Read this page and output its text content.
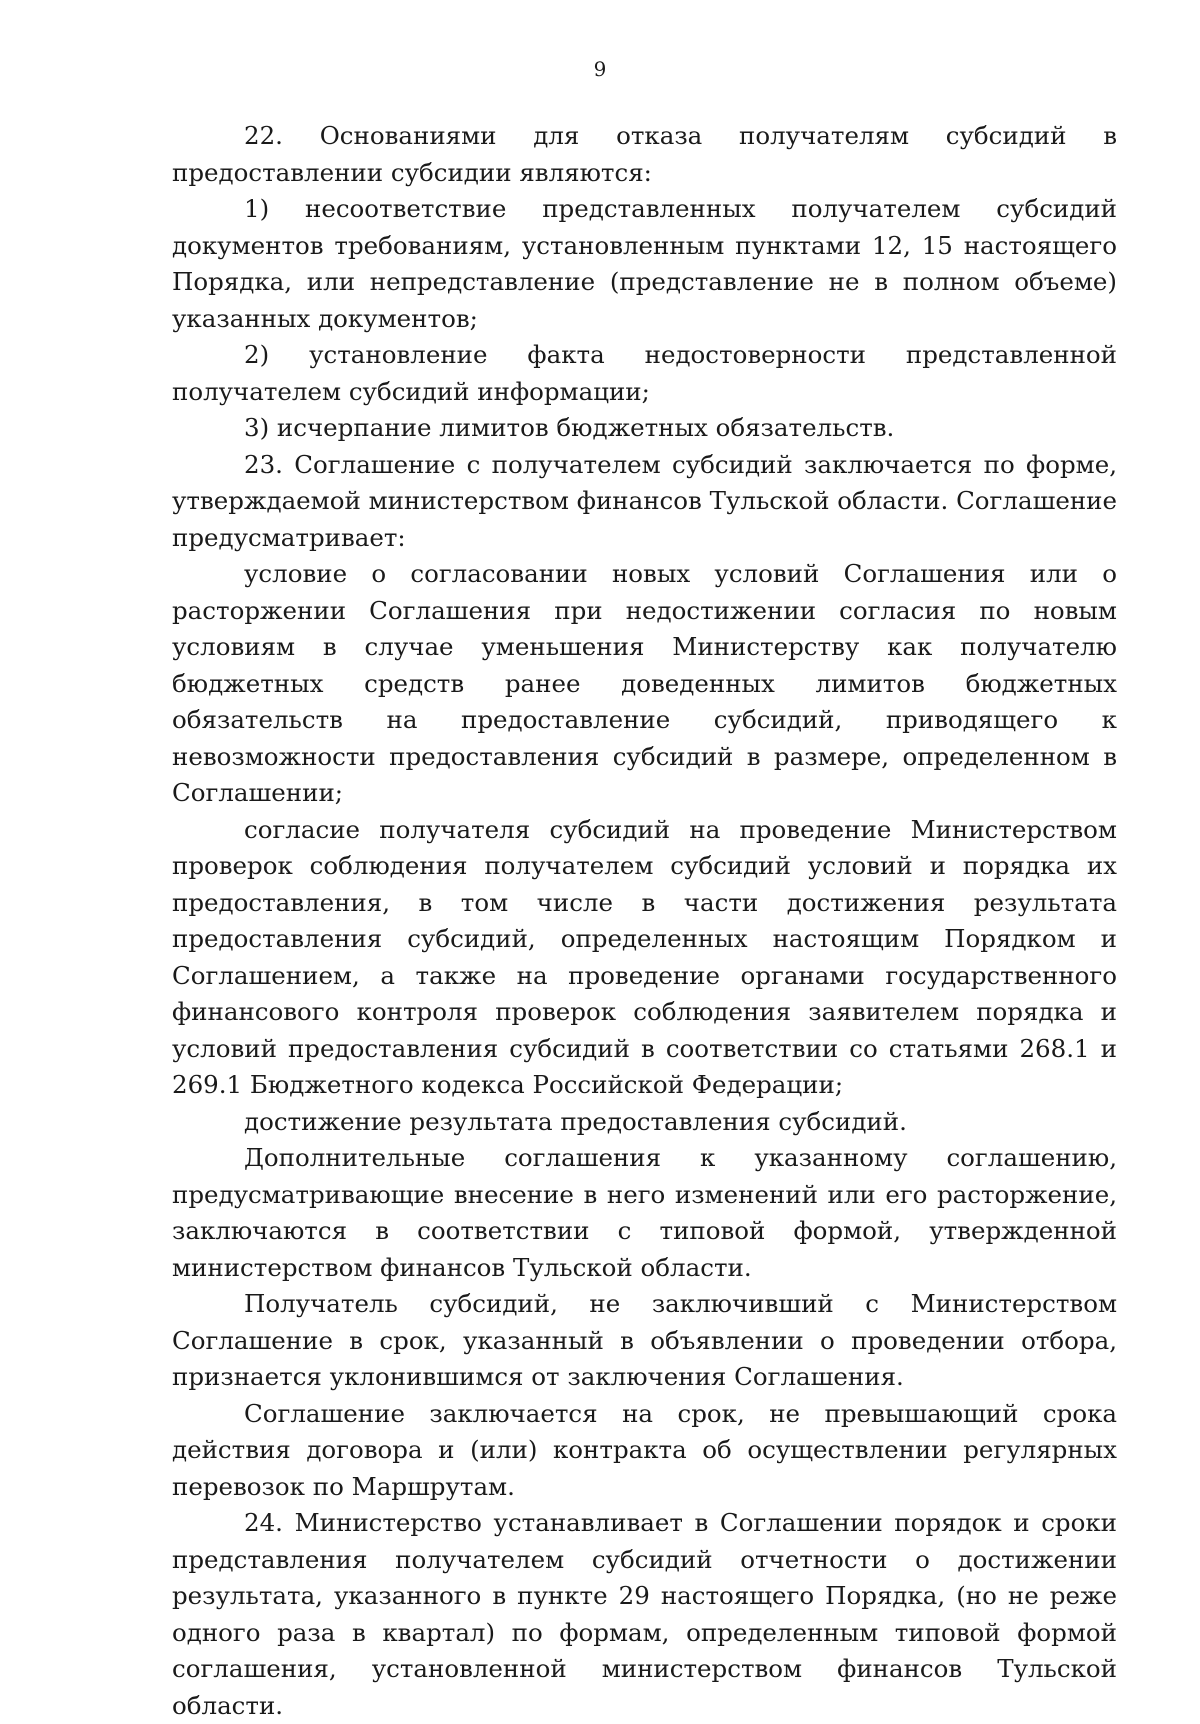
9

22. Основаниями для отказа получателям субсидий в предоставлении субсидии являются:

1) несоответствие представленных получателем субсидий документов требованиям, установленным пунктами 12, 15 настоящего Порядка, или непредставление (представление не в полном объеме) указанных документов;

2) установление факта недостоверности представленной получателем субсидий информации;

3) исчерпание лимитов бюджетных обязательств.

23. Соглашение с получателем субсидий заключается по форме, утверждаемой министерством финансов Тульской области. Соглашение предусматривает:

условие о согласовании новых условий Соглашения или о расторжении Соглашения при недостижении согласия по новым условиям в случае уменьшения Министерству как получателю бюджетных средств ранее доведенных лимитов бюджетных обязательств на предоставление субсидий, приводящего к невозможности предоставления субсидий в размере, определенном в Соглашении;

согласие получателя субсидий на проведение Министерством проверок соблюдения получателем субсидий условий и порядка их предоставления, в том числе в части достижения результата предоставления субсидий, определенных настоящим Порядком и Соглашением, а также на проведение органами государственного финансового контроля проверок соблюдения заявителем порядка и условий предоставления субсидий в соответствии со статьями 268.1 и 269.1 Бюджетного кодекса Российской Федерации;

достижение результата предоставления субсидий.

Дополнительные соглашения к указанному соглашению, предусматривающие внесение в него изменений или его расторжение, заключаются в соответствии с типовой формой, утвержденной министерством финансов Тульской области.

Получатель субсидий, не заключивший с Министерством Соглашение в срок, указанный в объявлении о проведении отбора, признается уклонившимся от заключения Соглашения.

Соглашение заключается на срок, не превышающий срока действия договора и (или) контракта об осуществлении регулярных перевозок по Маршрутам.

24. Министерство устанавливает в Соглашении порядок и сроки представления получателем субсидий отчетности о достижении результата, указанного в пункте 29 настоящего Порядка, (но не реже одного раза в квартал) по формам, определенным типовой формой соглашения, установленной министерством финансов Тульской области.
